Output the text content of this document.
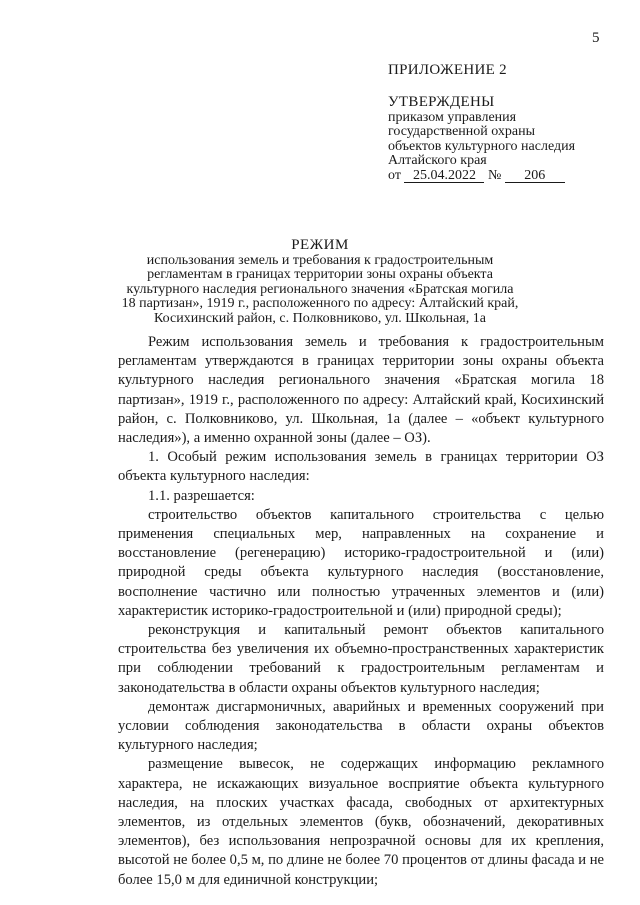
5
ПРИЛОЖЕНИЕ 2
УТВЕРЖДЕНЫ
приказом управления
государственной охраны
объектов культурного наследия
Алтайского края
от 25.04.2022 № 206
РЕЖИМ
использования земель и требования к градостроительным
регламентам в границах территории зоны охраны объекта
культурного наследия регионального значения «Братская могила
18 партизан», 1919 г., расположенного по адресу: Алтайский край,
Косихинский район, с. Полковниково, ул. Школьная, 1а

Режим использования земель и требования к градостроительным регламентам утверждаются в границах территории зоны охраны объекта культурного наследия регионального значения «Братская могила 18 партизан», 1919 г., расположенного по адресу: Алтайский край, Косихинский район, с. Полковниково, ул. Школьная, 1а (далее – «объект культурного наследия»), а именно охранной зоны (далее – ОЗ).

1. Особый режим использования земель в границах территории ОЗ объекта культурного наследия:

1.1. разрешается:

строительство объектов капитального строительства с целью применения специальных мер, направленных на сохранение и восстановление (регенерацию) историко-градостроительной и (или) природной среды объекта культурного наследия (восстановление, восполнение частично или полностью утраченных элементов и (или) характеристик историко-градостроительной и (или) природной среды);

реконструкция и капитальный ремонт объектов капитального строительства без увеличения их объемно-пространственных характеристик при соблюдении требований к градостроительным регламентам и законодательства в области охраны объектов культурного наследия;

демонтаж дисгармоничных, аварийных и временных сооружений при условии соблюдения законодательства в области охраны объектов культурного наследия;

размещение вывесок, не содержащих информацию рекламного характера, не искажающих визуальное восприятие объекта культурного наследия, на плоских участках фасада, свободных от архитектурных элементов, из отдельных элементов (букв, обозначений, декоративных элементов), без использования непрозрачной основы для их крепления, высотой не более 0,5 м, по длине не более 70 процентов от длины фасада и не более 15,0 м для единичной конструкции;
